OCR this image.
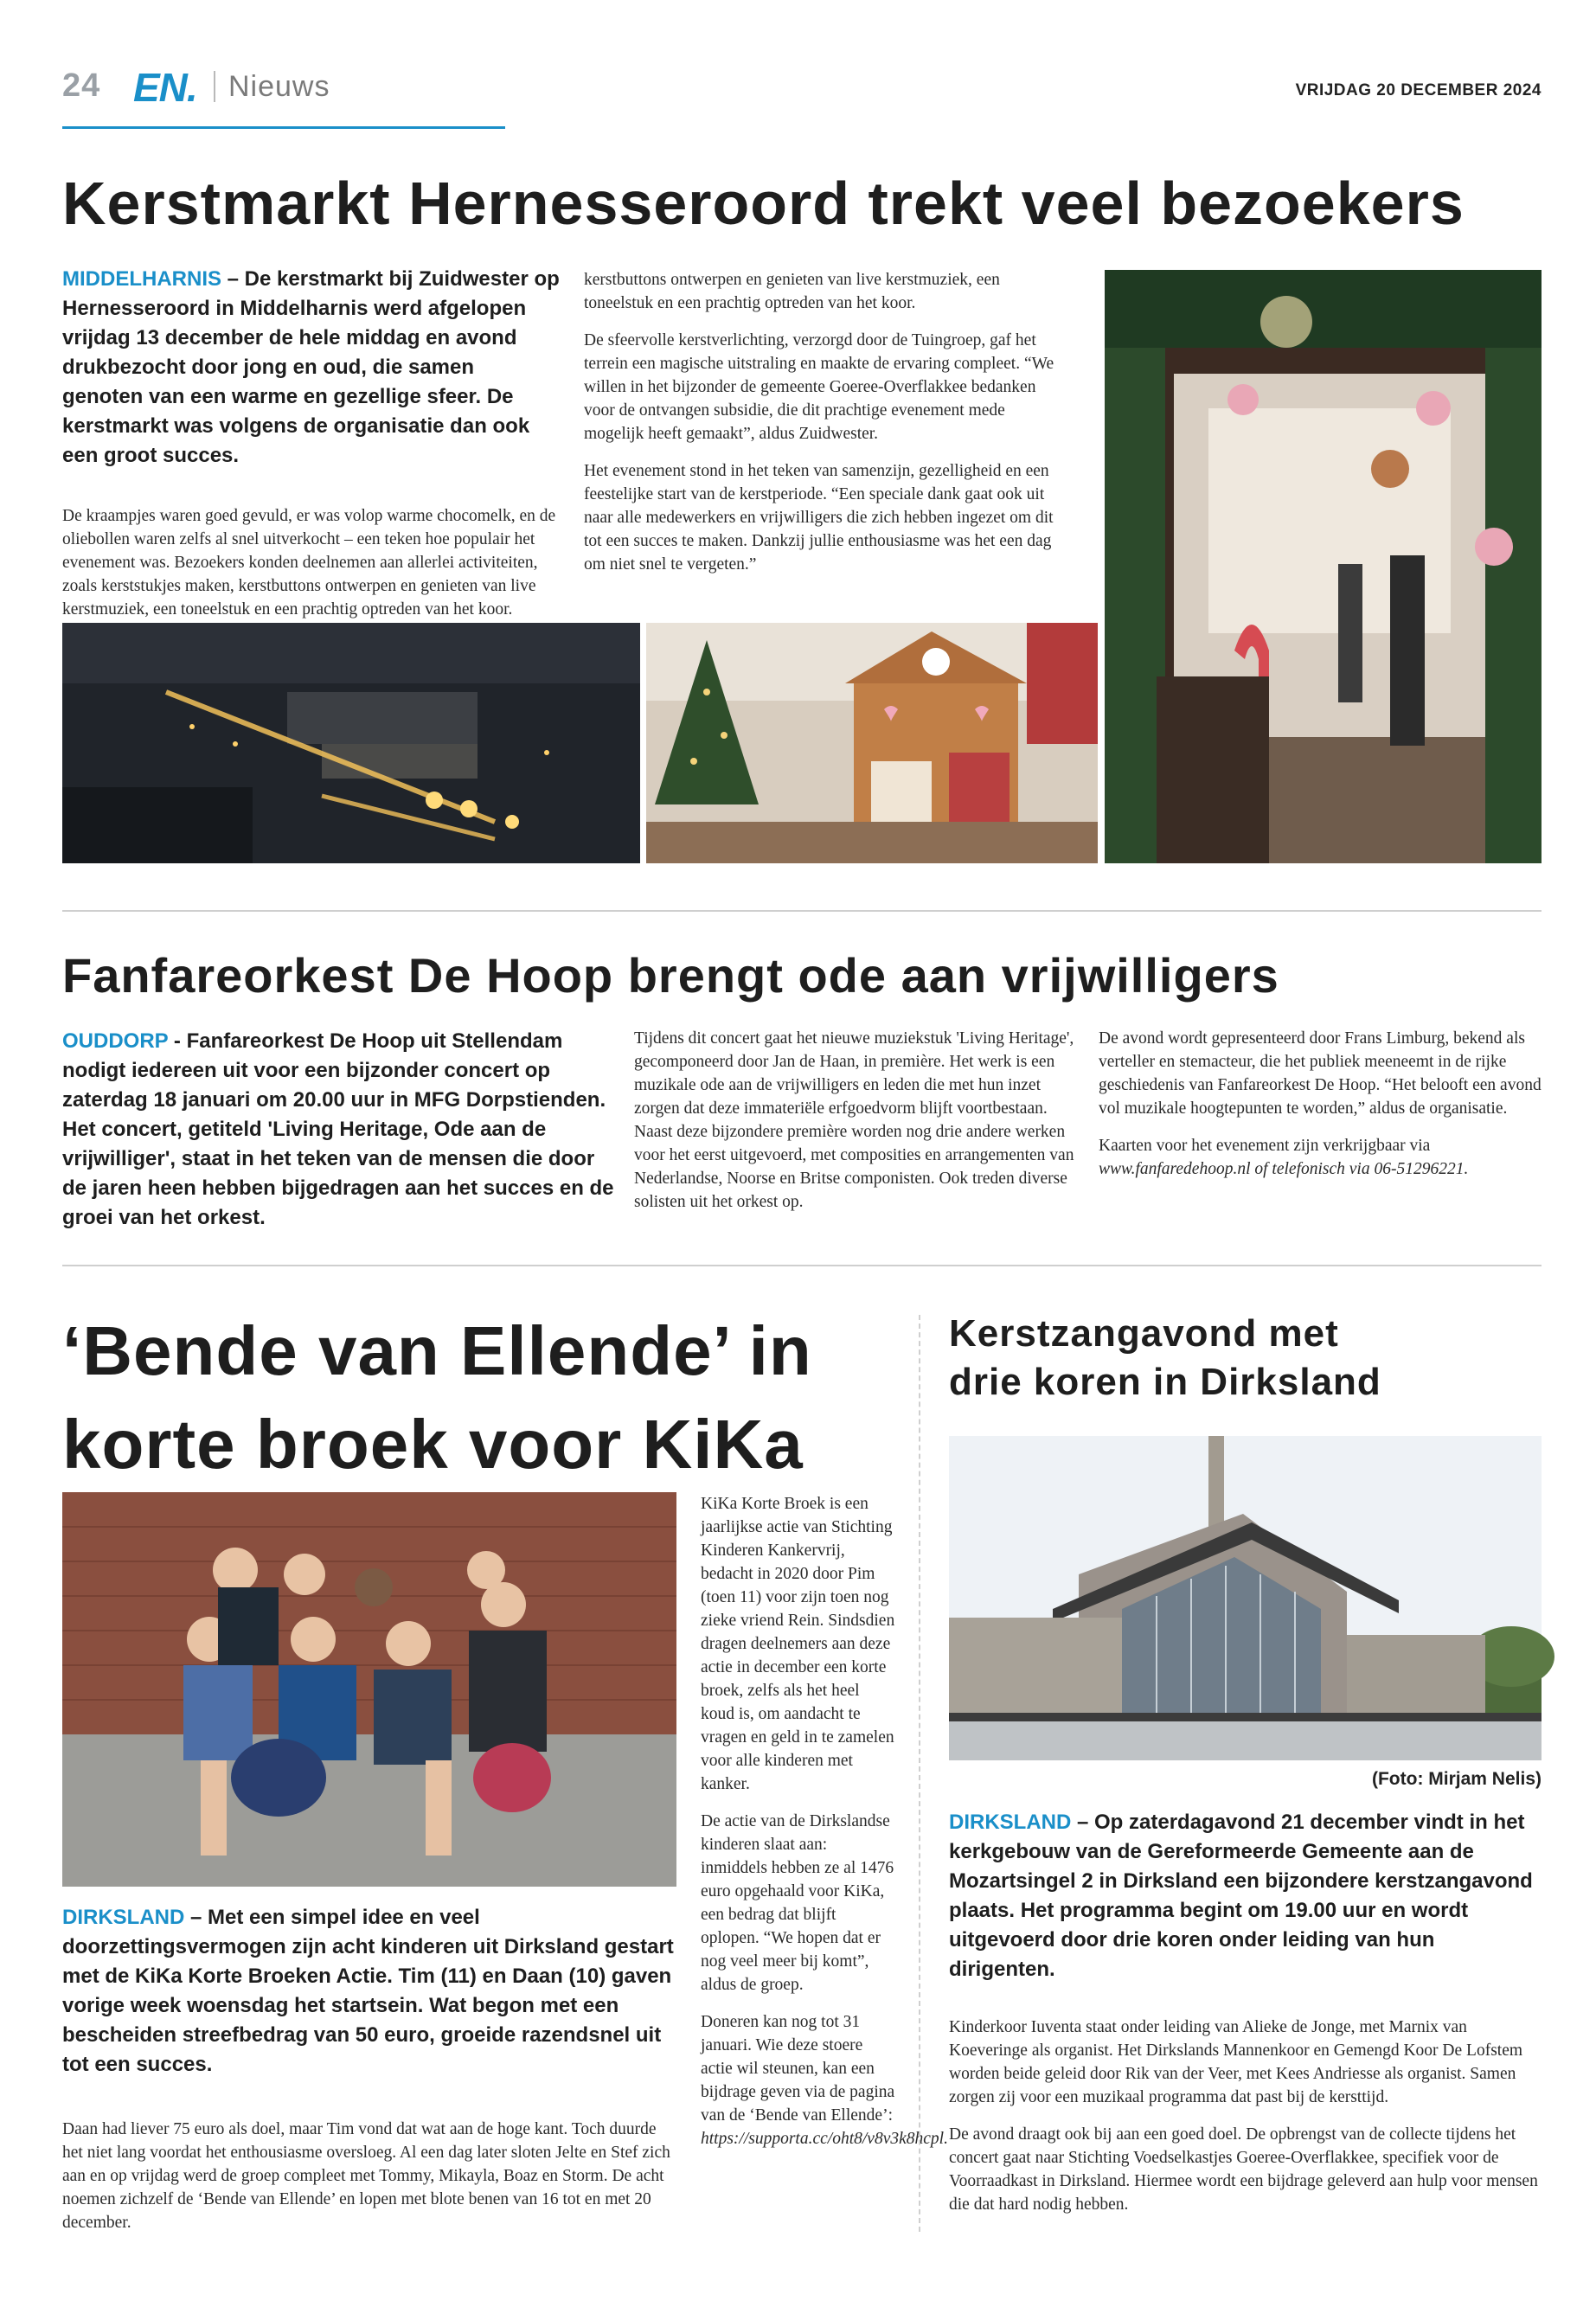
24 EN. Nieuws	VRIJDAG 20 DECEMBER 2024
Kerstmarkt Hernesseroord trekt veel bezoekers
MIDDELHARNIS – De kerstmarkt bij Zuidwester op Hernesseroord in Middelharnis werd afgelopen vrijdag 13 december de hele middag en avond drukbezocht door jong en oud, die samen genoten van een warme en gezellige sfeer. De kerstmarkt was volgens de organisatie dan ook een groot succes.

De kraampjes waren goed gevuld, er was volop warme chocomelk, en de oliebollen waren zelfs al snel uitverkocht – een teken hoe populair het evenement was. Bezoekers konden deelnemen aan allerlei activiteiten, zoals kerststukjes maken, kerstbuttons ontwerpen en genieten van live kerstmuziek, een toneelstuk en een prachtig optreden van het koor.

kerstbuttons ontwerpen en genieten van live kerstmuziek, een toneelstuk en een prachtig optreden van het koor.

De sfeervolle kerstverlichting, verzorgd door de Tuingroep, gaf het terrein een magische uitstraling en maakte de ervaring compleet. “We willen in het bijzonder de gemeente Goeree-Overflakkee bedanken voor de ontvangen subsidie, die dit prachtige evenement mede mogelijk heeft gemaakt”, aldus Zuidwester.

Het evenement stond in het teken van samenzijn, gezelligheid en een feestelijke start van de kerstperiode. “Een speciale dank gaat ook uit naar alle medewerkers en vrijwilligers die zich hebben ingezet om dit tot een succes te maken. Dankzij jullie enthousiasme was het een dag om niet snel te vergeten.”

Fanfareorkest De Hoop brengt ode aan vrijwilligers
OUDDORP - Fanfareorkest De Hoop uit Stellendam nodigt iedereen uit voor een bijzonder concert op zaterdag 18 januari om 20.00 uur in MFG Dorpstienden. Het concert, getiteld 'Living Heritage, Ode aan de vrijwilliger', staat in het teken van de mensen die door de jaren heen hebben bijgedragen aan het succes en de groei van het orkest.

Tijdens dit concert gaat het nieuwe muziekstuk 'Living Heritage', gecomponeerd door Jan de Haan, in première. Het werk is een muzikale ode aan de vrijwilligers en leden die met hun inzet zorgen dat deze immateriële erfgoedvorm blijft voortbestaan. Naast deze bijzondere première worden nog drie andere werken voor het eerst uitgevoerd, met composities en arrangementen van Nederlandse, Noorse en Britse componisten. Ook treden diverse solisten uit het orkest op.

De avond wordt gepresenteerd door Frans Limburg, bekend als verteller en stemacteur, die het publiek meeneemt in de rijke geschiedenis van Fanfareorkest De Hoop. “Het belooft een avond vol muzikale hoogtepunten te worden,” aldus de organisatie.

Kaarten voor het evenement zijn verkrijgbaar via
www.fanfaredehoop.nl of telefonisch via 06-51296221.

‘Bende van Ellende’ in
korte broek voor KiKa
DIRKSLAND – Met een simpel idee en veel doorzettingsvermogen zijn acht kinderen uit Dirksland gestart met de KiKa Korte Broeken Actie. Tim (11) en Daan (10) gaven vorige week woensdag het startsein. Wat begon met een bescheiden streefbedrag van 50 euro, groeide razendsnel uit tot een succes.

Daan had liever 75 euro als doel, maar Tim vond dat wat aan de hoge kant. Toch duurde het niet lang voordat het enthousiasme oversloeg. Al een dag later sloten Jelte en Stef zich aan en op vrijdag werd de groep compleet met Tommy, Mikayla, Boaz en Storm. De acht noemen zichzelf de ‘Bende van Ellende’ en lopen met blote benen van 16 tot en met 20 december.

KiKa Korte Broek is een jaarlijkse actie van Stichting Kinderen Kankervrij, bedacht in 2020 door Pim (toen 11) voor zijn toen nog zieke vriend Rein. Sindsdien dragen deelnemers aan deze actie in december een korte broek, zelfs als het heel koud is, om aandacht te vragen en geld in te zamelen voor alle kinderen met kanker.

De actie van de Dirkslandse kinderen slaat aan: inmiddels hebben ze al 1476 euro opgehaald voor KiKa, een bedrag dat blijft oplopen. “We hopen dat er nog veel meer bij komt”, aldus de groep.

Doneren kan nog tot 31 januari. Wie deze stoere actie wil steunen, kan een bijdrage geven via de pagina van de ‘Bende van Ellende’: https://supporta.cc/oht8/v8v3k8hcpl.

Kerstzangavond met
drie koren in Dirksland
(Foto: Mirjam Nelis)
DIRKSLAND – Op zaterdagavond 21 december vindt in het kerkgebouw van de Gereformeerde Gemeente aan de Mozartsingel 2 in Dirksland een bijzondere kerstzangavond plaats. Het programma begint om 19.00 uur en wordt uitgevoerd door drie koren onder leiding van hun dirigenten.

Kinderkoor Iuventa staat onder leiding van Alieke de Jonge, met Marnix van Koeveringe als organist. Het Dirkslands Mannenkoor en Gemengd Koor De Lofstem worden beide geleid door Rik van der Veer, met Kees Andriesse als organist. Samen zorgen zij voor een muzikaal programma dat past bij de kersttijd.

De avond draagt ook bij aan een goed doel. De opbrengst van de collecte tijdens het concert gaat naar Stichting Voedselkastjes Goeree-Overflakkee, specifiek voor de Voorraadkast in Dirksland. Hiermee wordt een bijdrage geleverd aan hulp voor mensen die dat hard nodig hebben.
